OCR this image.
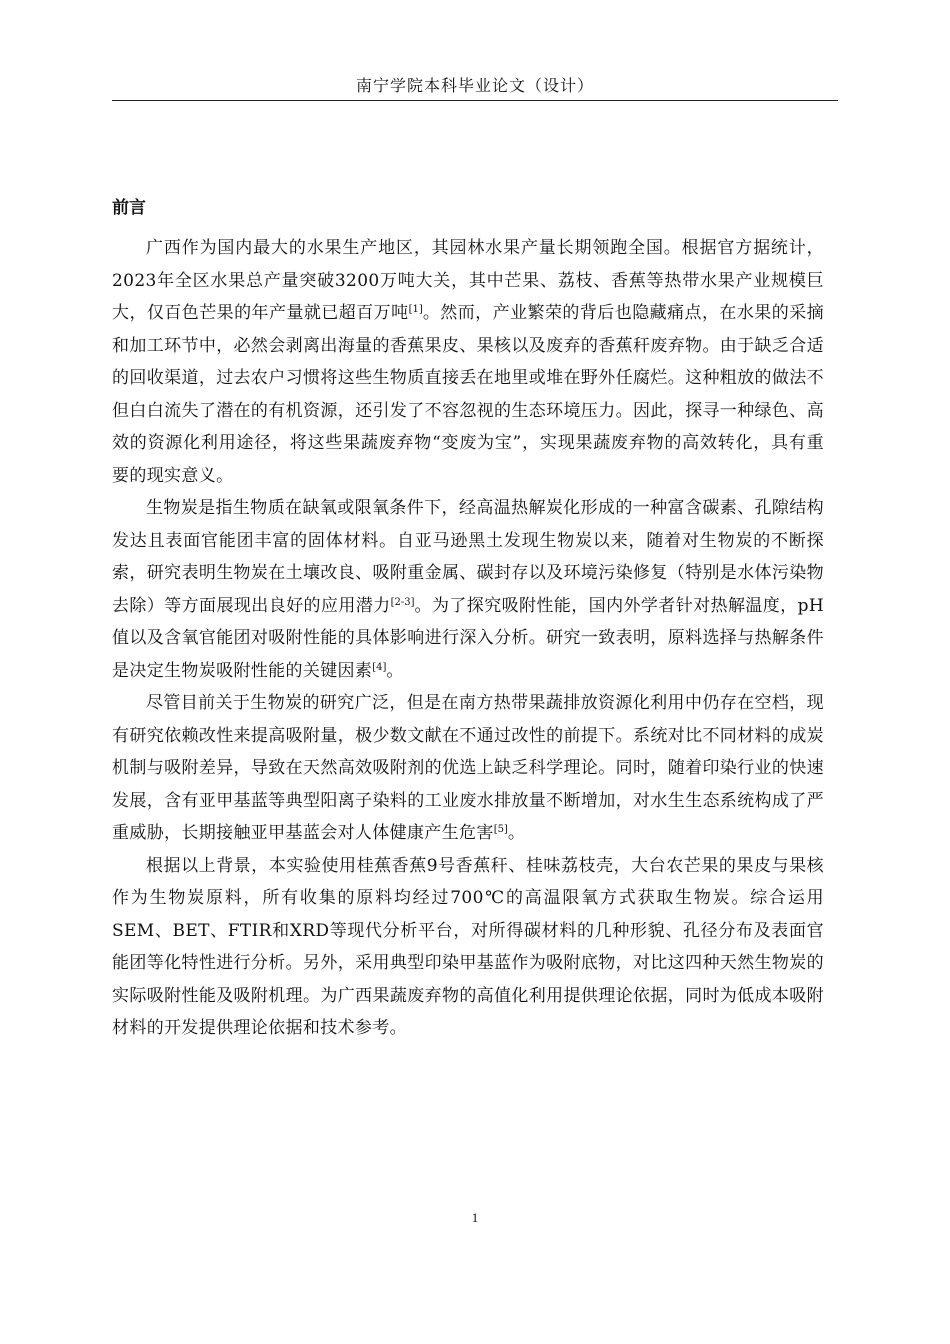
南宁学院本科毕业论文（设计）
前言

广西作为国内最大的水果生产地区，其园林水果产量长期领跑全国。根据官方据统计，2023年全区水果总产量突破3200万吨大关，其中芒果、荔枝、香蕉等热带水果产业规模巨大，仅百色芒果的年产量就已超百万吨[1]。然而，产业繁荣的背后也隐藏痛点，在水果的采摘和加工环节中，必然会剥离出海量的香蕉果皮、果核以及废弃的香蕉秆废弃物。由于缺乏合适的回收渠道，过去农户习惯将这些生物质直接丢在地里或堆在野外任腐烂。这种粗放的做法不但白白流失了潜在的有机资源，还引发了不容忽视的生态环境压力。因此，探寻一种绿色、高效的资源化利用途径，将这些果蔬废弃物“变废为宝”，实现果蔬废弃物的高效转化，具有重要的现实意义。

生物炭是指生物质在缺氧或限氧条件下，经高温热解炭化形成的一种富含碳素、孔隙结构发达且表面官能团丰富的固体材料。自亚马逊黑土发现生物炭以来，随着对生物炭的不断探索，研究表明生物炭在土壤改良、吸附重金属、碳封存以及环境污染修复（特别是水体污染物去除）等方面展现出良好的应用潜力[2-3]。为了探究吸附性能，国内外学者针对热解温度，pH值以及含氧官能团对吸附性能的具体影响进行深入分析。研究一致表明，原料选择与热解条件是决定生物炭吸附性能的关键因素[4]。

尽管目前关于生物炭的研究广泛，但是在南方热带果蔬排放资源化利用中仍存在空档，现有研究依赖改性来提高吸附量，极少数文献在不通过改性的前提下。系统对比不同材料的成炭机制与吸附差异，导致在天然高效吸附剂的优选上缺乏科学理论。同时，随着印染行业的快速发展，含有亚甲基蓝等典型阳离子染料的工业废水排放量不断增加，对水生生态系统构成了严重威胁，长期接触亚甲基蓝会对人体健康产生危害[5]。

根据以上背景，本实验使用桂蕉香蕉9号香蕉秆、桂味荔枝壳，大台农芒果的果皮与果核作为生物炭原料，所有收集的原料均经过700℃的高温限氧方式获取生物炭。综合运用SEM、BET、FTIR和XRD等现代分析平台，对所得碳材料的几种形貌、孔径分布及表面官能团等化特性进行分析。另外，采用典型印染甲基蓝作为吸附底物，对比这四种天然生物炭的实际吸附性能及吸附机理。为广西果蔬废弃物的高值化利用提供理论依据，同时为低成本吸附材料的开发提供理论依据和技术参考。

1
